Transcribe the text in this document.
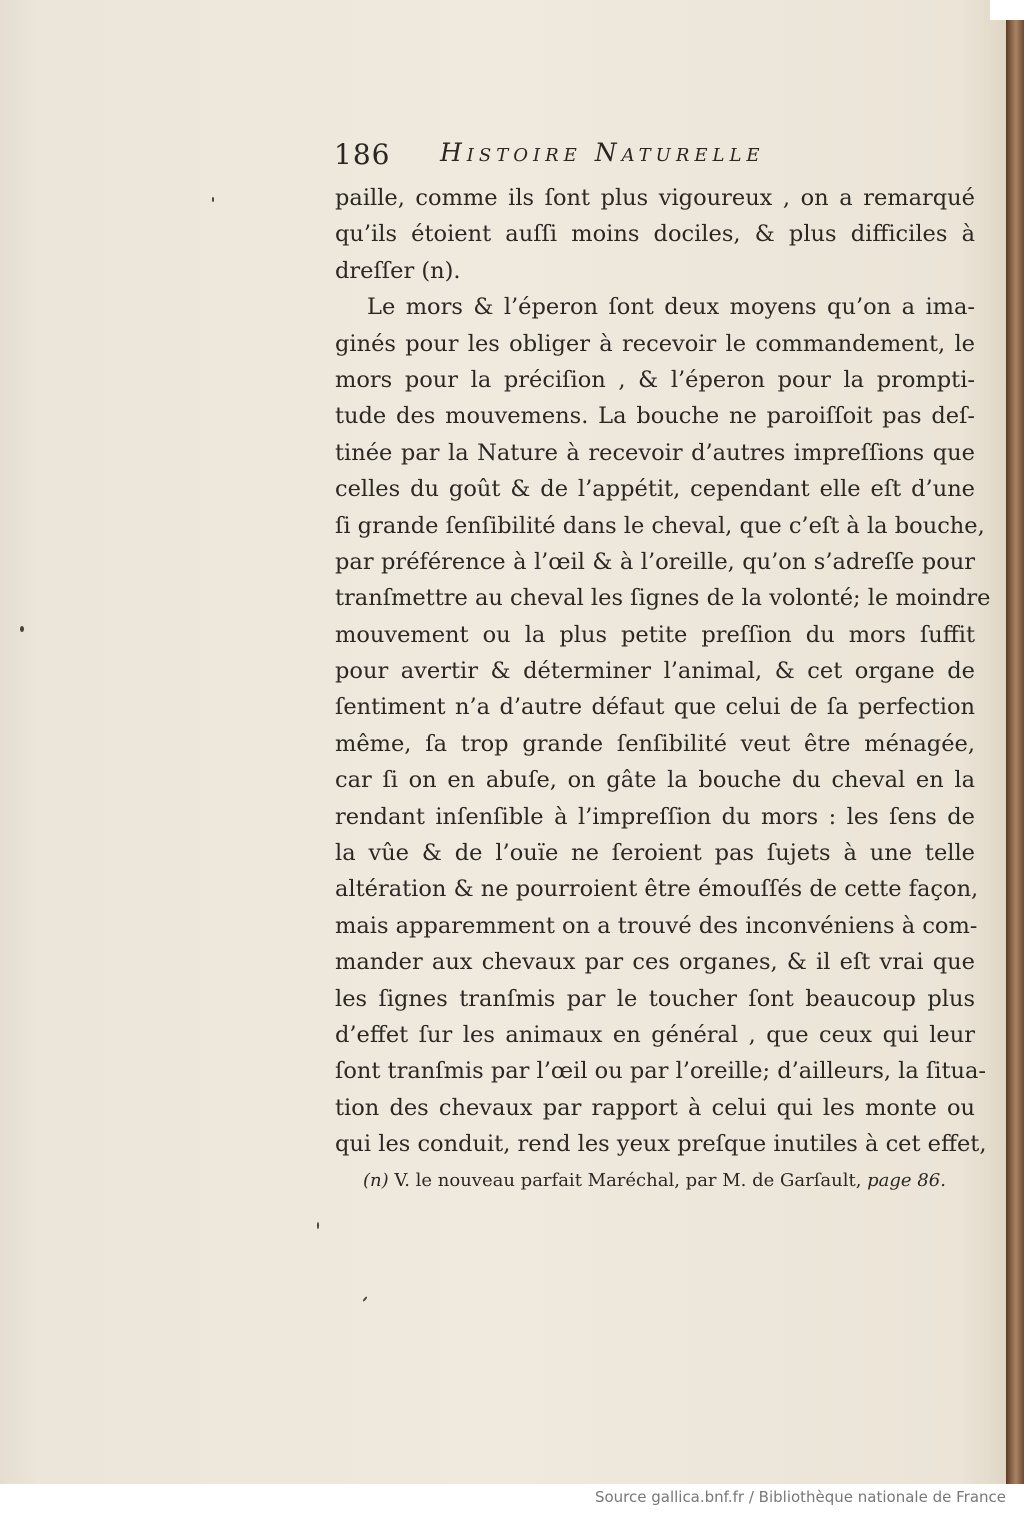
186 Histoire Naturelle
paille, comme ils ſont plus vigoureux , on a remarqué
qu’ils étoient auſſi moins dociles, & plus difficiles à
dreſſer (n).
Le mors & l’éperon ſont deux moyens qu’on a ima-
ginés pour les obliger à recevoir le commandement, le
mors pour la préciſion , & l’éperon pour la prompti-
tude des mouvemens. La bouche ne paroiſſoit pas deſ-
tinée par la Nature à recevoir d’autres impreſſions que
celles du goût & de l’appétit, cependant elle eſt d’une
ſi grande ſenſibilité dans le cheval, que c’eſt à la bouche,
par préférence à l’œil & à l’oreille, qu’on s’adreſſe pour
tranſmettre au cheval les ſignes de la volonté; le moindre
mouvement ou la plus petite preſſion du mors ſuffit
pour avertir & déterminer l’animal, & cet organe de
ſentiment n’a d’autre défaut que celui de ſa perfection
même, ſa trop grande ſenſibilité veut être ménagée,
car ſi on en abuſe, on gâte la bouche du cheval en la
rendant inſenſible à l’impreſſion du mors : les ſens de
la vûe & de l’ouïe ne ſeroient pas ſujets à une telle
altération & ne pourroient être émouſſés de cette façon,
mais apparemment on a trouvé des inconvéniens à com-
mander aux chevaux par ces organes, & il eſt vrai que
les ſignes tranſmis par le toucher ſont beaucoup plus
d’effet ſur les animaux en général , que ceux qui leur
ſont tranſmis par l’œil ou par l’oreille; d’ailleurs, la ſitua-
tion des chevaux par rapport à celui qui les monte ou
qui les conduit, rend les yeux preſque inutiles à cet effet,
(n) V. le nouveau parfait Maréchal, par M. de Garſault, page 86.
Source gallica.bnf.fr / Bibliothèque nationale de France
